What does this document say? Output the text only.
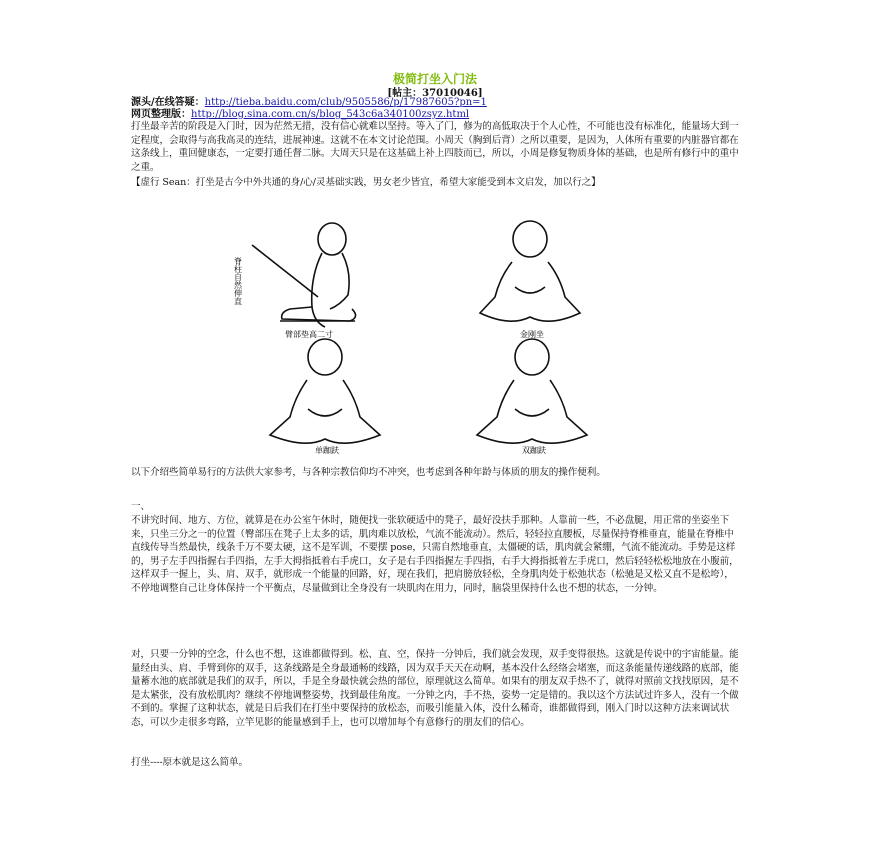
极简打坐入门法
[帖主：37010046]
源头/在线答疑：http://tieba.baidu.com/club/9505586/p/17987605?pn=1
网页整理版：http://blog.sina.com.cn/s/blog_543c6a340100zsyz.html
打坐最辛苦的阶段是入门时，因为茫然无措，没有信心就难以坚持。等入了门，修为的高低取决于个人心性，不可能也没有标准化，能量场大到一定程度，会取得与高我高灵的连结，进展神速。这就不在本文讨论范围。小周天（胸到后背）之所以重要，是因为，人体所有重要的内脏器官都在这条线上，重回健康态，一定要打通任督二脉。大周天只是在这基础上补上四肢而已，所以，小周是修复物质身体的基础，也是所有修行中的重中之重。
【虚行 Sean：打坐是古今中外共通的身/心/灵基础实践，男女老少皆宜，希望大家能受到本文启发，加以行之】
脊柱自然伸直
臂部垫高二寸	金刚坐
单跏趺	双跏趺
以下介绍些简单易行的方法供大家参考，与各种宗教信仰均不冲突，也考虑到各种年龄与体质的朋友的操作便利。
一、
不讲究时间、地方、方位，就算是在办公室午休时，随便找一张软硬适中的凳子，最好没扶手那种。人靠前一些，不必盘腿，用正常的坐姿坐下来，只坐三分之一的位置（臀部压在凳子上太多的话，肌肉难以放松，气流不能流动）。然后，轻轻拉直腰板，尽量保持脊椎垂直，能量在脊椎中直线传导当然最快，线条千万不要太硬，这不是军训，不要摆 pose，只需自然地垂直，太僵硬的话，肌肉就会紧绷，气流不能流动。手势是这样的，男子左手四指握右手四指，左手大拇指抵着右手虎口，女子是右手四指握左手四指，右手大拇指抵着左手虎口，然后轻轻松松地放在小腹前，这样双手一握上，头、肩、双手，就形成一个能量的回路，好，现在我们，把肩膀放轻松，全身肌肉处于松弛状态（松驰是又松又直不是松垮），不停地调整自己让身体保持一个平衡点，尽量做到让全身没有一块肌肉在用力，同时，脑袋里保持什么也不想的状态，一分钟。
对，只要一分钟的空念，什么也不想，这谁都做得到。松、直、空，保持一分钟后，我们就会发现，双手变得很热。这就是传说中的宇宙能量。能量经由头、肩、手臂到你的双手，这条线路是全身最通畅的线路，因为双手天天在动啊，基本没什么经络会堵塞，而这条能量传递线路的底部，能量蓄水池的底部就是我们的双手，所以，手是全身最快就会热的部位，原理就这么简单。如果有的朋友双手热不了，就得对照前文找找原因，是不是太紧张，没有放松肌肉？继续不停地调整姿势，找到最佳角度。一分钟之内，手不热，姿势一定是错的。我以这个方法试过许多人，没有一个做不到的。掌握了这种状态，就是日后我们在打坐中要保持的放松态，而吸引能量入体，没什么稀奇，谁都做得到，刚入门时以这种方法来调试状态，可以少走很多弯路，立竿见影的能量感到手上，也可以增加每个有意修行的朋友们的信心。
打坐----原本就是这么简单。
